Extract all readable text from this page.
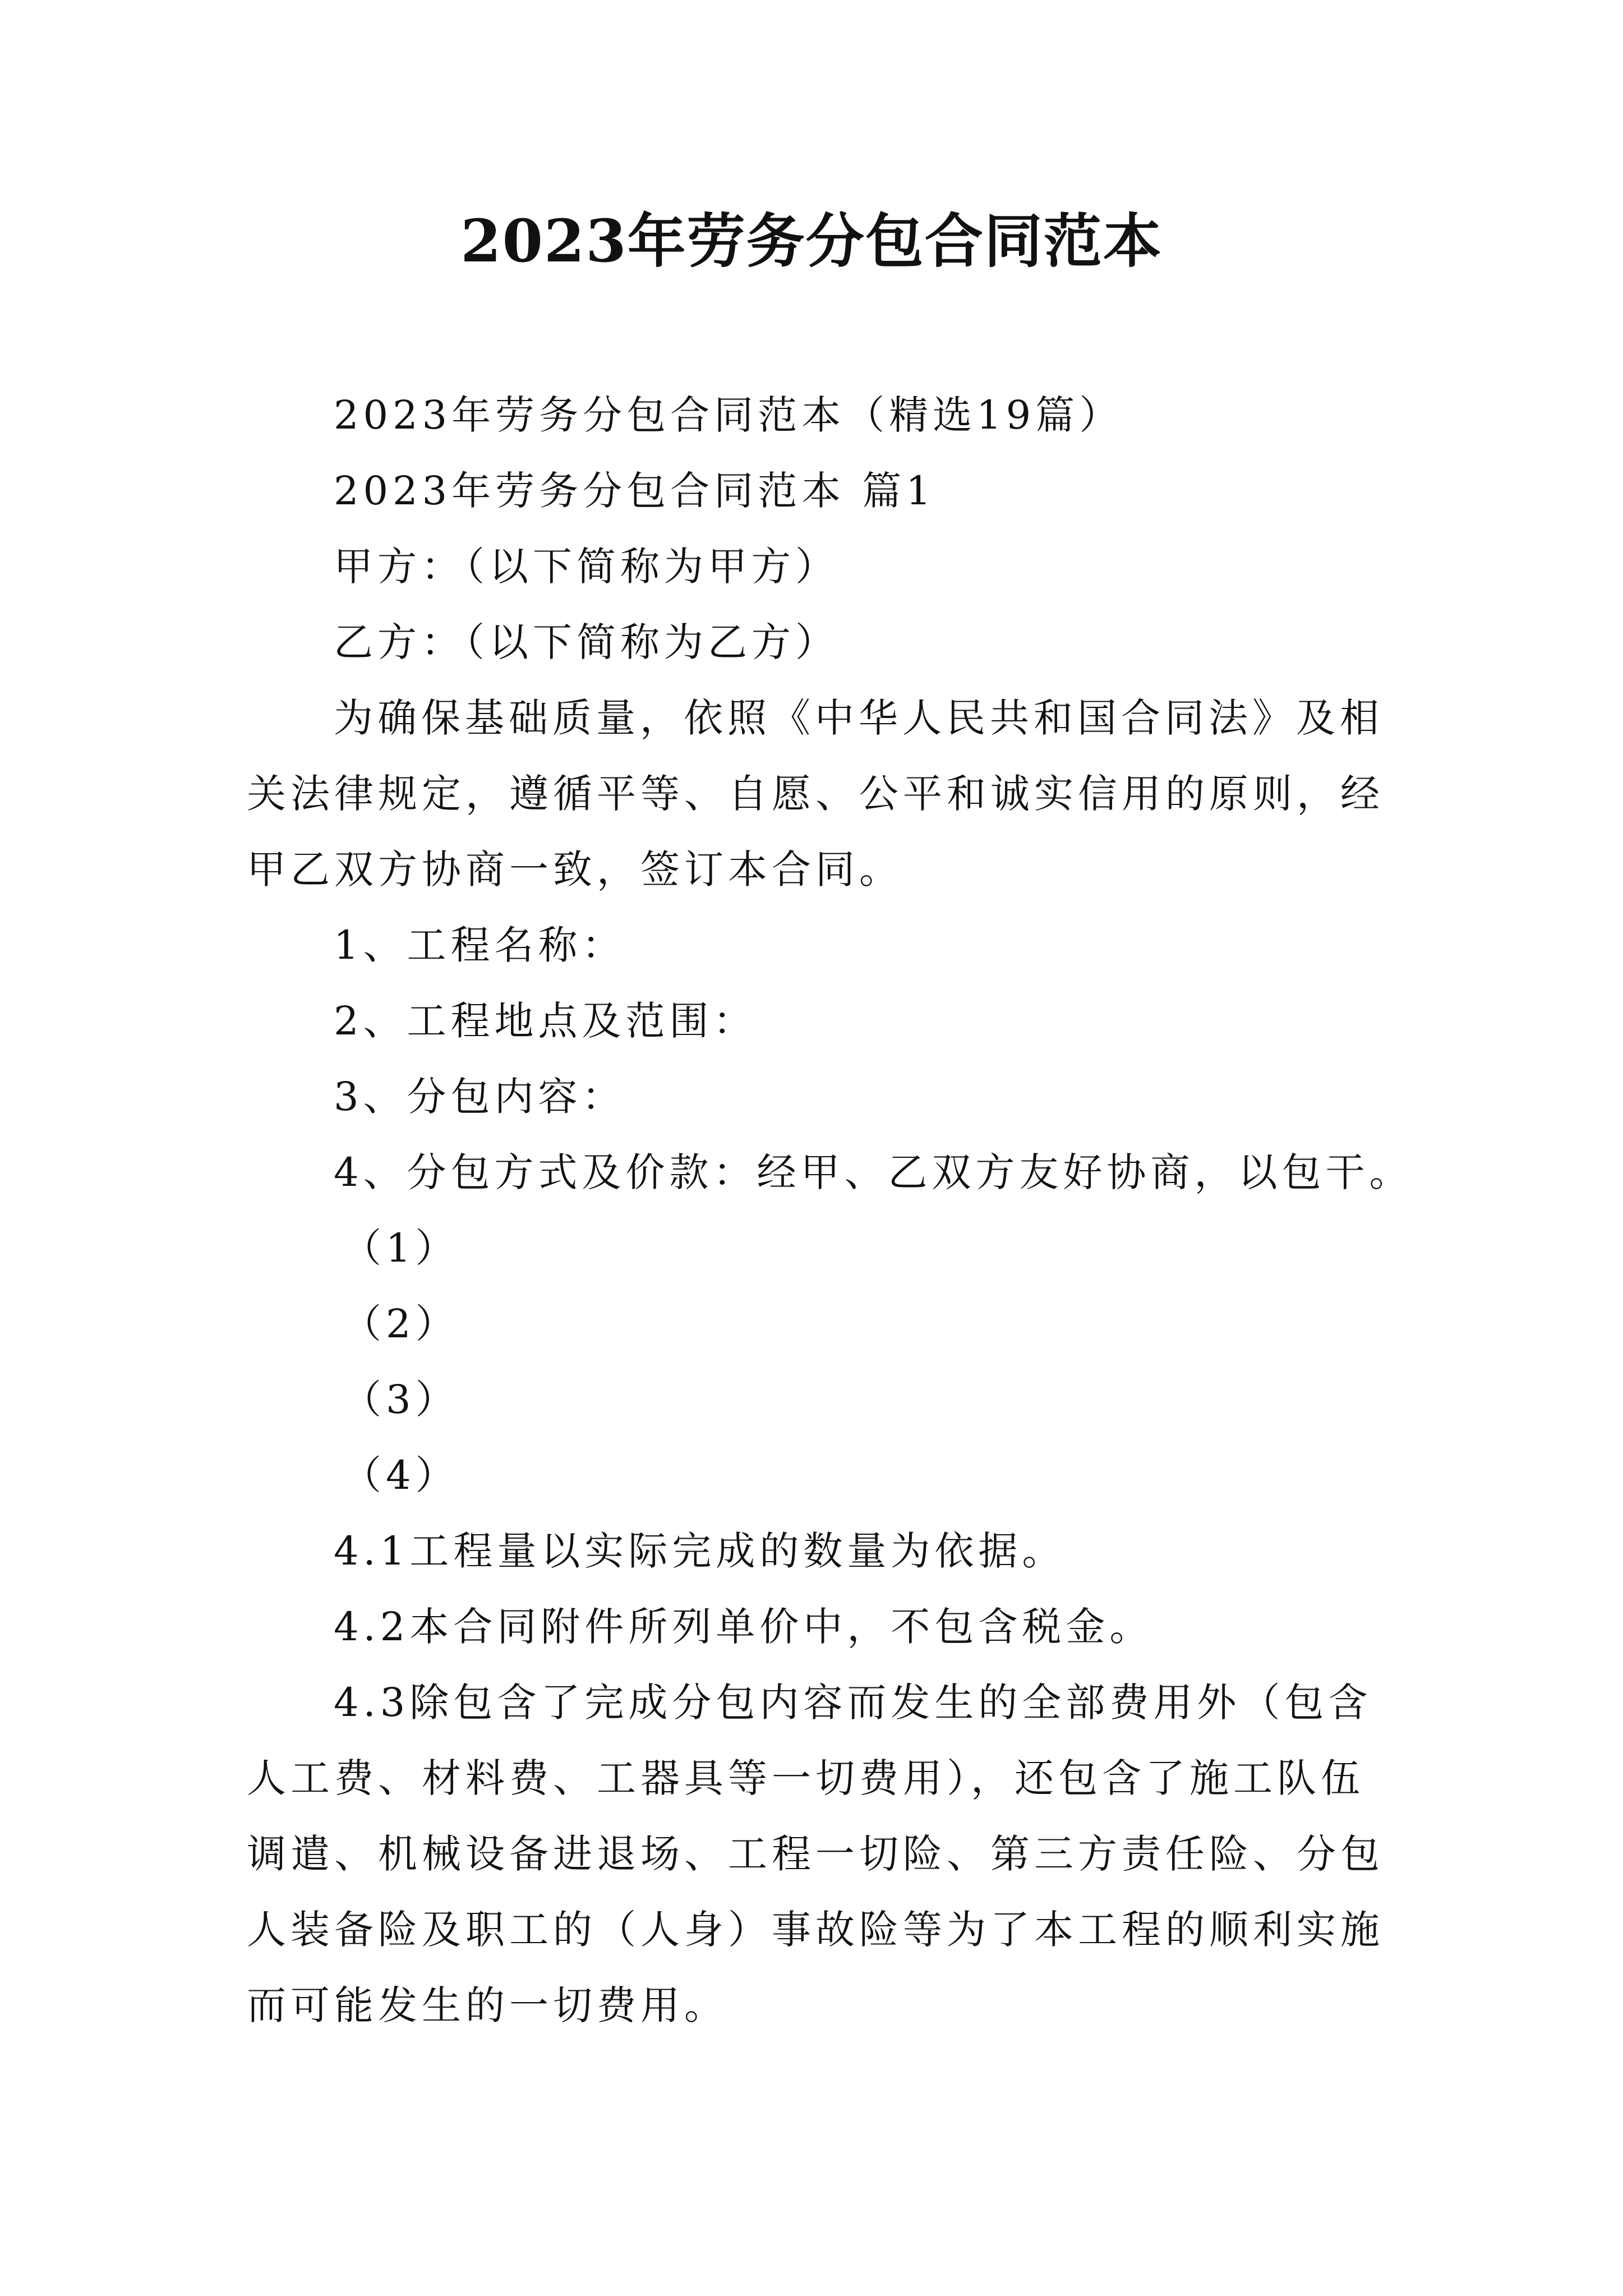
2023年劳务分包合同范本
2023年劳务分包合同范本（精选19篇）
2023年劳务分包合同范本 篇1
甲方：（以下简称为甲方）
乙方：（以下简称为乙方）
为确保基础质量，依照《中华人民共和国合同法》及相
关法律规定，遵循平等、自愿、公平和诚实信用的原则，经
甲乙双方协商一致，签订本合同。
1、工程名称：
2、工程地点及范围：
3、分包内容：
4、分包方式及价款：经甲、乙双方友好协商，以包干。
（1）
（2）
（3）
（4）
4.1工程量以实际完成的数量为依据。
4.2本合同附件所列单价中，不包含税金。
4.3除包含了完成分包内容而发生的全部费用外（包含
人工费、材料费、工器具等一切费用），还包含了施工队伍
调遣、机械设备进退场、工程一切险、第三方责任险、分包
人装备险及职工的（人身）事故险等为了本工程的顺利实施
而可能发生的一切费用。
